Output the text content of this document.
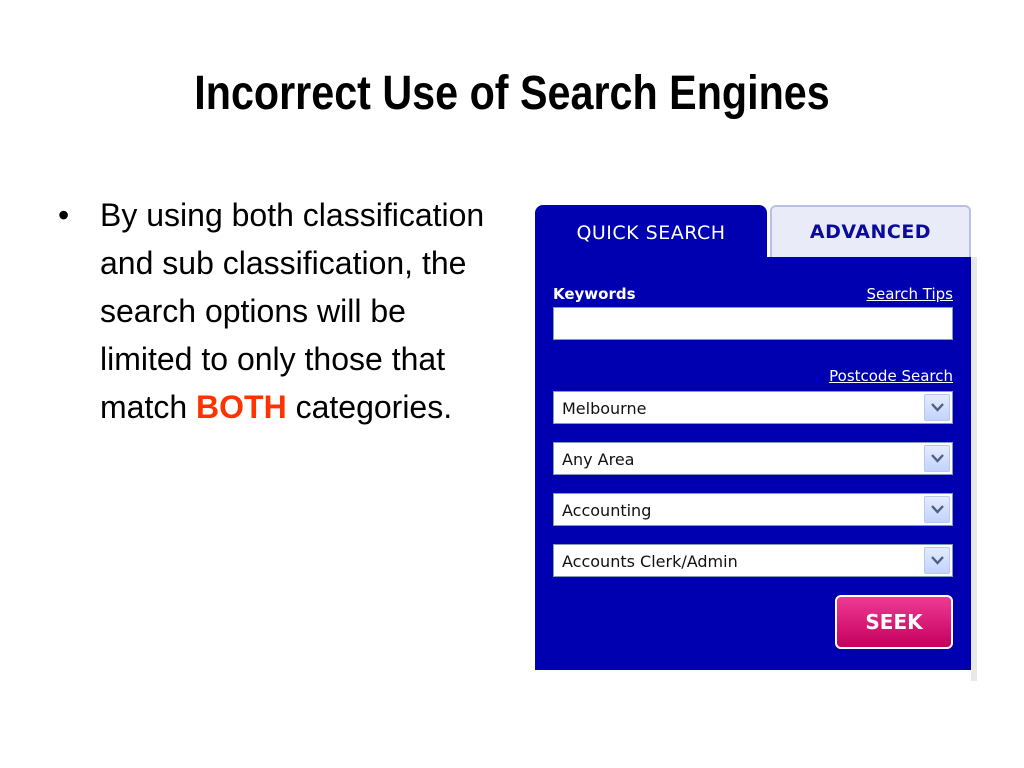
Incorrect Use of Search Engines
• By using both classification and sub classification, the search options will be limited to only those that match BOTH categories.
Keywords	Search Tips
Postcode Search
Melbourne
Any Area
Accounting
Accounts Clerk/Admin
SEEK
QUICK SEARCH	ADVANCED
